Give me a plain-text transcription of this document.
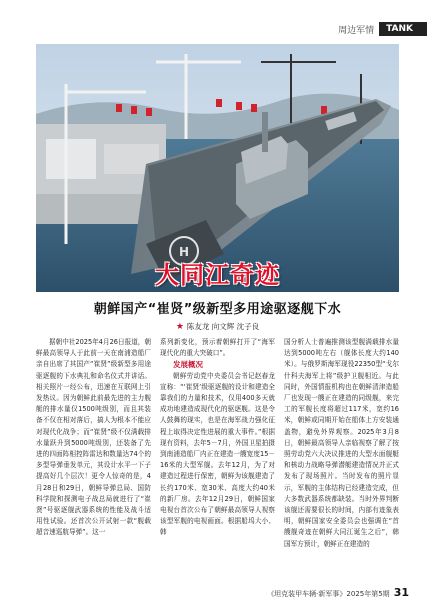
周边军情	TANK
H
大同江奇迹
朝鲜国产“崔贤”级新型多用途驱逐舰下水
★ 陈友龙 向文辉 沈子良

据朝中社2025年4月26日报道，朝鲜最高领导人于此前一天在南浦造船厂亲自出席了其国产“崔贤”级新型多用途驱逐舰的下水典礼和命名仪式并讲话。相关照片一经公布，迅速在互联网上引发热议。因为朝鲜此前最先进的主力舰艇的排水量仅1500吨级别，而且其装备不仅在相对落后，搞人为根本不能应对现代化战争；而“崔贤”级不仅满载排水量跃升到5000吨级别，还装备了先进的四面阵相控阵雷达和数量达74个的多型导弹垂发单元，其设计水平一下子提高好几个层次！更令人惊奇的是，4月28日和29日，朝鲜导弹总局、国防科学院和探测电子战总局就进行了“崔贤”号驱逐舰武器系统的性能及战斗适用性试验。还首次公开试射一款“舰载超音速巡航导弹”。这一

系列新变化，预示着朝鲜打开了“海军现代化的重大突破口”。

发展概况

朝鲜劳动党中央委员会书记赵春龙宣称：“‘崔贤’级驱逐舰的设计和建造全靠我们的力量和技术，仅用400多天就成功地建造成现代化的驱逐舰。这是令人鼓舞的现实，也是在海军战力强化征程上取得决定性进展的重大事件。”根据现有资料，去年5－7月，外国卫星拍摄到南浦造船厂内正在建造一艘宽度15－16米的大型军舰。去年12月，为了对建造过程进行保密，朝鲜为该舰建造了长约170米、宽30米、高度大约40米的新厂房。去年12月29日，朝鲜国家电视台首次公布了朝鲜最高领导人视察该型军舰的电视画面。根据船坞大小、韩

国分析人士普遍推测该型舰满载排水量达到5000吨左右（舰体长度大约140米）。与俄罗斯海军现役22350型“戈尔什科夫海军上将”级护卫舰相近。与此同时，外国情报机构也在朝鲜清津造船厂也发现一艘正在建造的同级舰，来完工的军舰长度将超过117米，宽约16米，朝鲜或同期开始在船体上方安装通盖物，避免外界观察。2025年3月8日，朝鲜最高领导人亲临视察了解了按照劳动党六大决议推进的大型水面舰艇和核动力战略导弹潜艇建造情况并正式发布了现场照片。当时发布的照片显示，军舰的主体结构已经建造完成，但大多数武器系统都缺装。当时外界判断该舰还需要很长的时间，内部有迹象表明，朝鲜国家安全委员会也强调在“首艘舰奇迹在朝鲜大同江诞生之后”，韩国军方预计，朝鲜正在建造的

《坦克装甲车辆·新军事》2025年第5期 31
